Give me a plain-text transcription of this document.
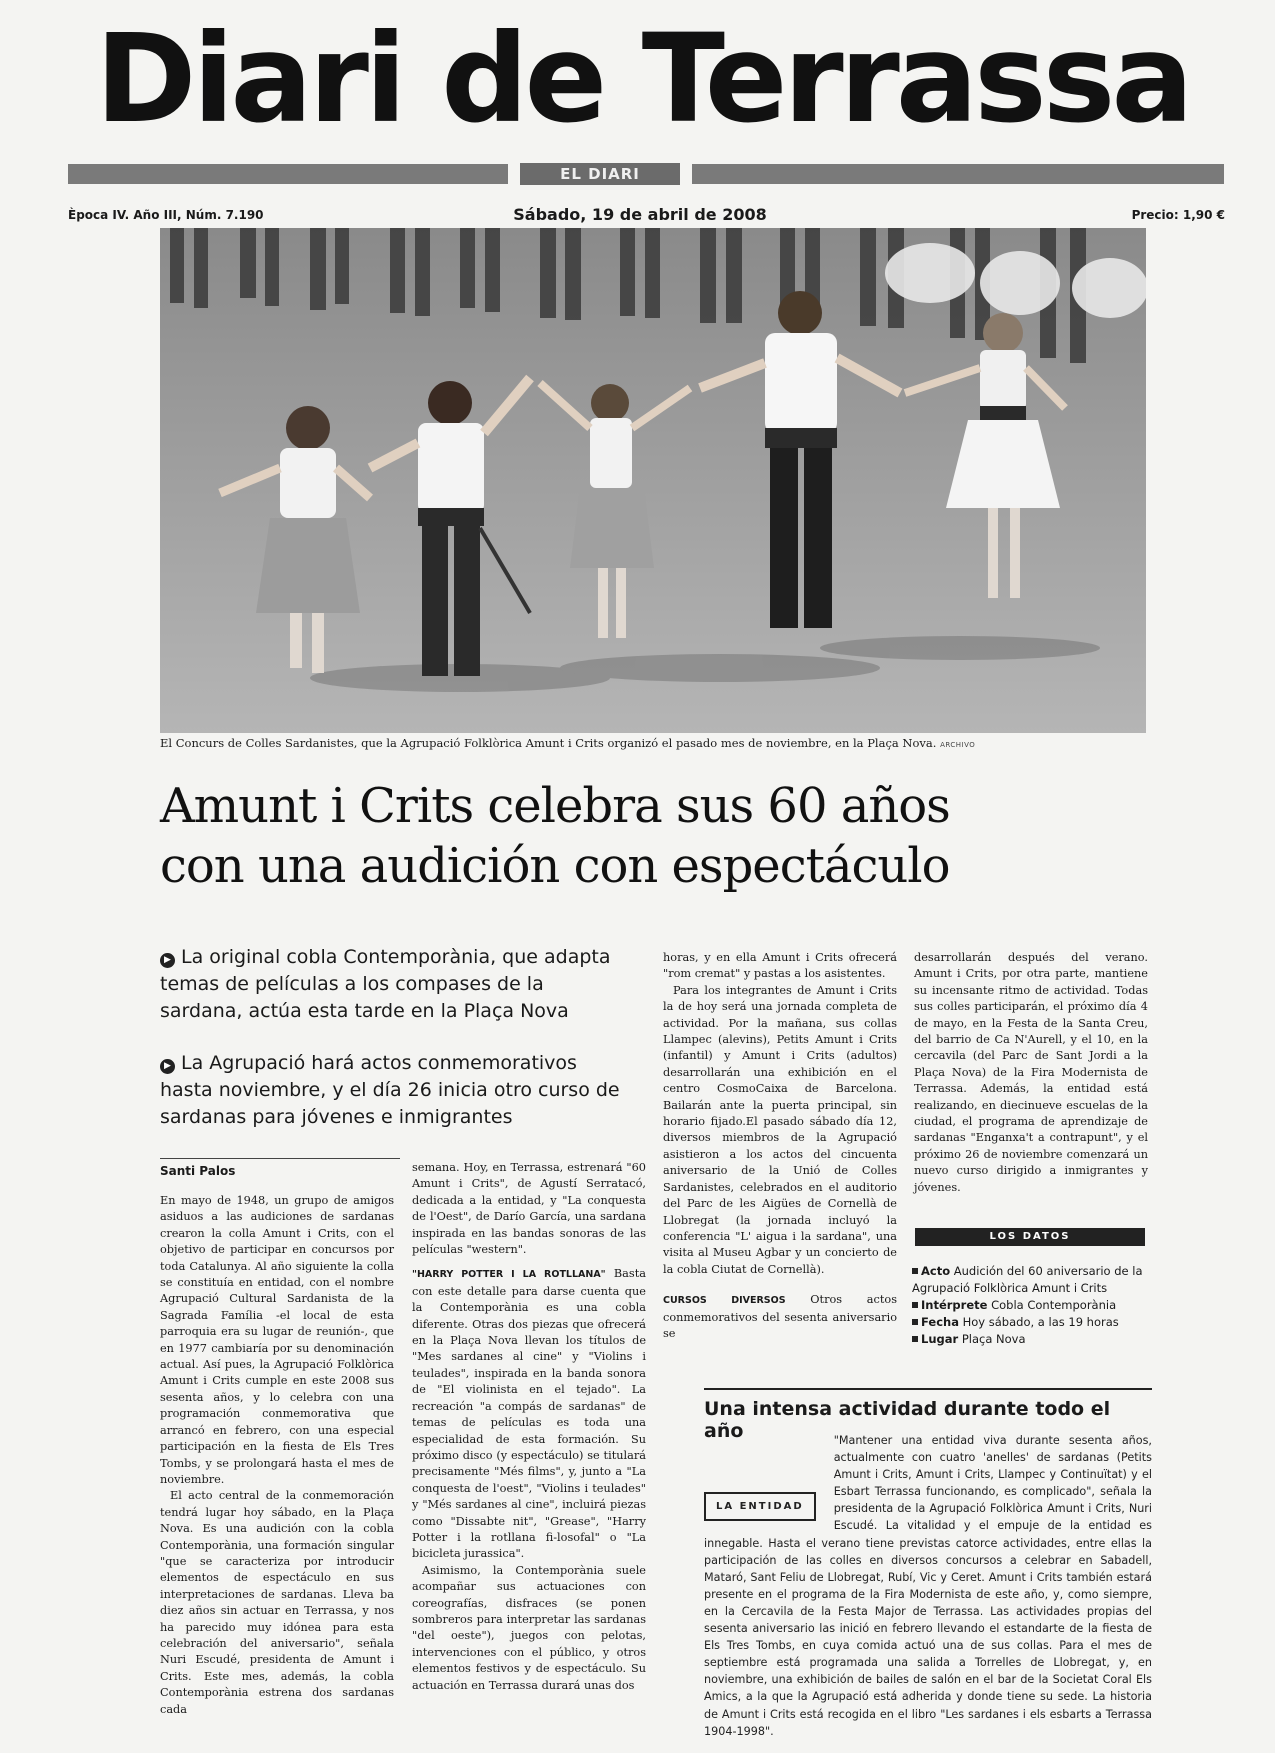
Diari de Terrassa
EL DIARI
Època IV. Año III, Núm. 7.190	Sábado, 19 de abril de 2008	Precio: 1,90 €
El Concurs de Colles Sardanistes, que la Agrupació Folklòrica Amunt i Crits organizó el pasado mes de noviembre, en la Plaça Nova. ARCHIVO
Amunt i Crits celebra sus 60 años
con una audición con espectáculo
▶ La original cobla Contemporània, que adapta temas de películas a los compases de la sardana, actúa esta tarde en la Plaça Nova
▶ La Agrupació hará actos conmemorativos hasta noviembre, y el día 26 inicia otro curso de sardanas para jóvenes e inmigrantes
Santi Palos

En mayo de 1948, un grupo de amigos asiduos a las audiciones de sardanas crearon la colla Amunt i Crits, con el objetivo de participar en concursos por toda Catalunya. Al año siguiente la colla se constituía en entidad, con el nombre Agrupació Cultural Sardanista de la Sagrada Família -el local de esta parroquia era su lugar de reunión-, que en 1977 cambiaría por su denominación actual. Así pues, la Agrupació Folklòrica Amunt i Crits cumple en este 2008 sus sesenta años, y lo celebra con una programación conmemorativa que arrancó en febrero, con una especial participación en la fiesta de Els Tres Tombs, y se prolongará hasta el mes de noviembre.

El acto central de la conmemoración tendrá lugar hoy sábado, en la Plaça Nova. Es una audición con la cobla Contemporània, una formación singular "que se caracteriza por introducir elementos de espectáculo en sus interpretaciones de sardanas. Lleva ba diez años sin actuar en Terrassa, y nos ha parecido muy idónea para esta celebración del aniversario", señala Nuri Escudé, presidenta de Amunt i Crits. Este mes, además, la cobla Contemporània estrena dos sardanas cada

semana. Hoy, en Terrassa, estrenará "60 Amunt i Crits", de Agustí Serratacó, dedicada a la entidad, y "La conquesta de l'Oest", de Darío García, una sardana inspirada en las bandas sonoras de las películas "western".

"HARRY POTTER I LA ROTLLANA" Basta con este detalle para darse cuenta que la Contemporània es una cobla diferente. Otras dos piezas que ofrecerá en la Plaça Nova llevan los títulos de "Mes sardanes al cine" y "Violins i teulades", inspirada en la banda sonora de "El violinista en el tejado". La recreación "a compás de sardanas" de temas de películas es toda una especialidad de esta formación. Su próximo disco (y espectáculo) se titulará precisamente "Més films", y, junto a "La conquesta de l'oest", "Violins i teulades" y "Més sardanes al cine", incluirá piezas como "Dissabte nit", "Grease", "Harry Potter i la rotllana fi-losofal" o "La bicicleta jurassica".

Asimismo, la Contemporània suele acompañar sus actuaciones con coreografías, disfraces (se ponen sombreros para interpretar las sardanas "del oeste"), juegos con pelotas, intervenciones con el público, y otros elementos festivos y de espectáculo. Su actuación en Terrassa durará unas dos

horas, y en ella Amunt i Crits ofrecerá "rom cremat" y pastas a los asistentes.

Para los integrantes de Amunt i Crits la de hoy será una jornada completa de actividad. Por la mañana, sus collas Llampec (alevins), Petits Amunt i Crits (infantil) y Amunt i Crits (adultos) desarrollarán una exhibición en el centro CosmoCaixa de Barcelona. Bailarán ante la puerta principal, sin horario fijado.El pasado sábado día 12, diversos miembros de la Agrupació asistieron a los actos del cincuenta aniversario de la Unió de Colles Sardanistes, celebrados en el auditorio del Parc de les Aigües de Cornellà de Llobregat (la jornada incluyó la conferencia "L' aigua i la sardana", una visita al Museu Agbar y un concierto de la cobla Ciutat de Cornellà).

CURSOS DIVERSOS Otros actos conmemorativos del sesenta aniversario se

desarrollarán después del verano. Amunt i Crits, por otra parte, mantiene su incensante ritmo de actividad. Todas sus colles participarán, el próximo día 4 de mayo, en la Festa de la Santa Creu, del barrio de Ca N'Aurell, y el 10, en la cercavila (del Parc de Sant Jordi a la Plaça Nova) de la Fira Modernista de Terrassa. Además, la entidad está realizando, en diecinueve escuelas de la ciudad, el programa de aprendizaje de sardanas "Enganxa't a contrapunt", y el próximo 26 de noviembre comenzará un nuevo curso dirigido a inmigrantes y jóvenes.

LOS DATOS
Acto Audición del 60 aniversario de la Agrupació Folklòrica Amunt i Crits
Intérprete Cobla Contemporània
Fecha Hoy sábado, a las 19 horas
Lugar Plaça Nova
Una intensa actividad durante todo el año
LA ENTIDAD
"Mantener una entidad viva durante sesenta años, actualmente con cuatro 'anelles' de sardanas (Petits Amunt i Crits, Amunt i Crits, Llampec y Continuïtat) y el Esbart Terrassa funcionando, es complicado", señala la presidenta de la Agrupació Folklòrica Amunt i Crits, Nuri Escudé. La vitalidad y el empuje de la entidad es innegable. Hasta el verano tiene previstas catorce actividades, entre ellas la participación de las colles en diversos concursos a celebrar en Sabadell, Mataró, Sant Feliu de Llobregat, Rubí, Vic y Ceret. Amunt i Crits también estará presente en el programa de la Fira Modernista de este año, y, como siempre, en la Cercavila de la Festa Major de Terrassa. Las actividades propias del sesenta aniversario las inició en febrero llevando el estandarte de la fiesta de Els Tres Tombs, en cuya comida actuó una de sus collas. Para el mes de septiembre está programada una salida a Torrelles de Llobregat, y, en noviembre, una exhibición de bailes de salón en el bar de la Societat Coral Els Amics, a la que la Agrupació está adherida y donde tiene su sede. La historia de Amunt i Crits está recogida en el libro "Les sardanes i els esbarts a Terrassa 1904-1998".
